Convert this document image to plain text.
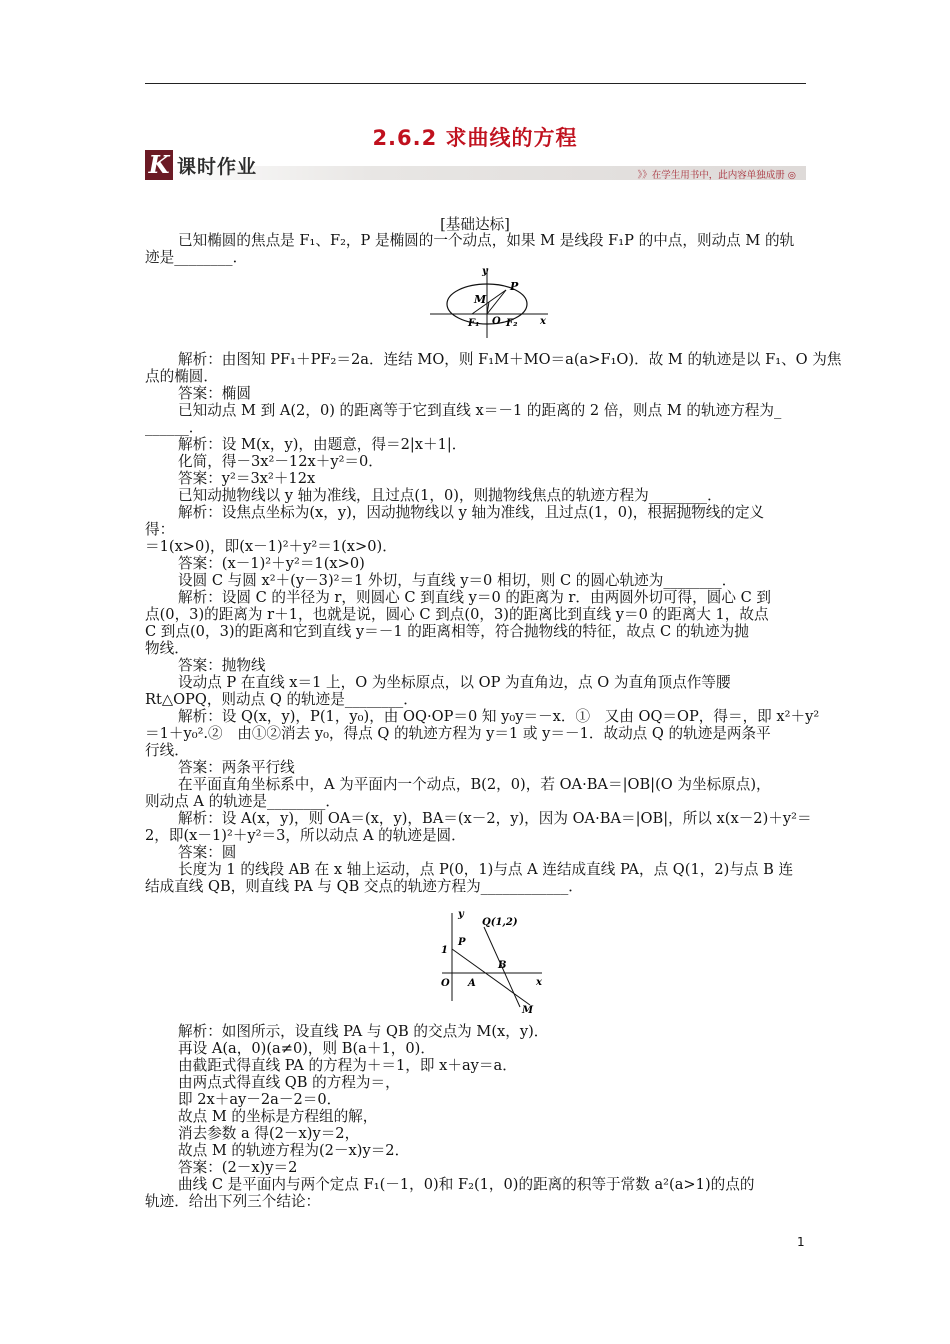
2.6.2 求曲线的方程
K 课时作业	》》在学生用书中，此内容单独成册 ◎
[基础达标]
已知椭圆的焦点是 F₁、F₂，P 是椭圆的一个动点，如果 M 是线段 F₁P 的中点，则动点 M 的轨
迹是________．
y
P
M
F₁ O F₂ x
解析：由图知 PF₁＋PF₂＝2a．连结 MO，则 F₁M＋MO＝a(a>F₁O)．故 M 的轨迹是以 F₁、O 为焦
点的椭圆．
答案：椭圆
已知动点 M 到 A(2，0) 的距离等于它到直线 x＝－1 的距离的 2 倍，则点 M 的轨迹方程为_
______．
解析：设 M(x，y)，由题意，得＝2|x＋1|．
化简，得－3x²－12x＋y²＝0．
答案：y²＝3x²＋12x
已知动抛物线以 y 轴为准线，且过点(1，0)，则抛物线焦点的轨迹方程为________．
解析：设焦点坐标为(x，y)，因动抛物线以 y 轴为准线，且过点(1，0)，根据抛物线的定义
得：
＝1(x>0)，即(x－1)²＋y²＝1(x>0)．
答案：(x－1)²＋y²＝1(x>0)
设圆 C 与圆 x²＋(y－3)²＝1 外切，与直线 y＝0 相切，则 C 的圆心轨迹为________．
解析：设圆 C 的半径为 r，则圆心 C 到直线 y＝0 的距离为 r．由两圆外切可得，圆心 C 到
点(0，3)的距离为 r＋1，也就是说，圆心 C 到点(0，3)的距离比到直线 y＝0 的距离大 1，故点
C 到点(0，3)的距离和它到直线 y＝－1 的距离相等，符合抛物线的特征，故点 C 的轨迹为抛
物线．
答案：抛物线
设动点 P 在直线 x＝1 上，O 为坐标原点，以 OP 为直角边，点 O 为直角顶点作等腰
Rt△OPQ，则动点 Q 的轨迹是________．
解析：设 Q(x，y)，P(1，y₀)，由 OQ·OP＝0 知 y₀y＝－x．①　又由 OQ＝OP，得＝，即 x²＋y²
＝1＋y₀².②　由①②消去 y₀，得点 Q 的轨迹方程为 y＝1 或 y＝－1．故动点 Q 的轨迹是两条平
行线．
答案：两条平行线
在平面直角坐标系中，A 为平面内一个动点，B(2，0)，若 OA·BA＝|OB|(O 为坐标原点)，
则动点 A 的轨迹是________．
解析：设 A(x，y)，则 OA＝(x，y)，BA＝(x－2，y)，因为 OA·BA＝|OB|，所以 x(x－2)＋y²＝
2，即(x－1)²＋y²＝3，所以动点 A 的轨迹是圆．
答案：圆
长度为 1 的线段 AB 在 x 轴上运动，点 P(0，1)与点 A 连结成直线 PA，点 Q(1，2)与点 B 连
结成直线 QB，则直线 PA 与 QB 交点的轨迹方程为____________．
y
Q(1,2)
P
1
A
B
x
O
M
解析：如图所示，设直线 PA 与 QB 的交点为 M(x，y)．
再设 A(a，0)(a≠0)，则 B(a＋1，0)．
由截距式得直线 PA 的方程为＋＝1，即 x＋ay＝a．
由两点式得直线 QB 的方程为＝，
即 2x＋ay－2a－2＝0．
故点 M 的坐标是方程组的解，
消去参数 a 得(2－x)y＝2，
故点 M 的轨迹方程为(2－x)y＝2．
答案：(2－x)y＝2
曲线 C 是平面内与两个定点 F₁(－1，0)和 F₂(1，0)的距离的积等于常数 a²(a>1)的点的
轨迹．给出下列三个结论：
1
